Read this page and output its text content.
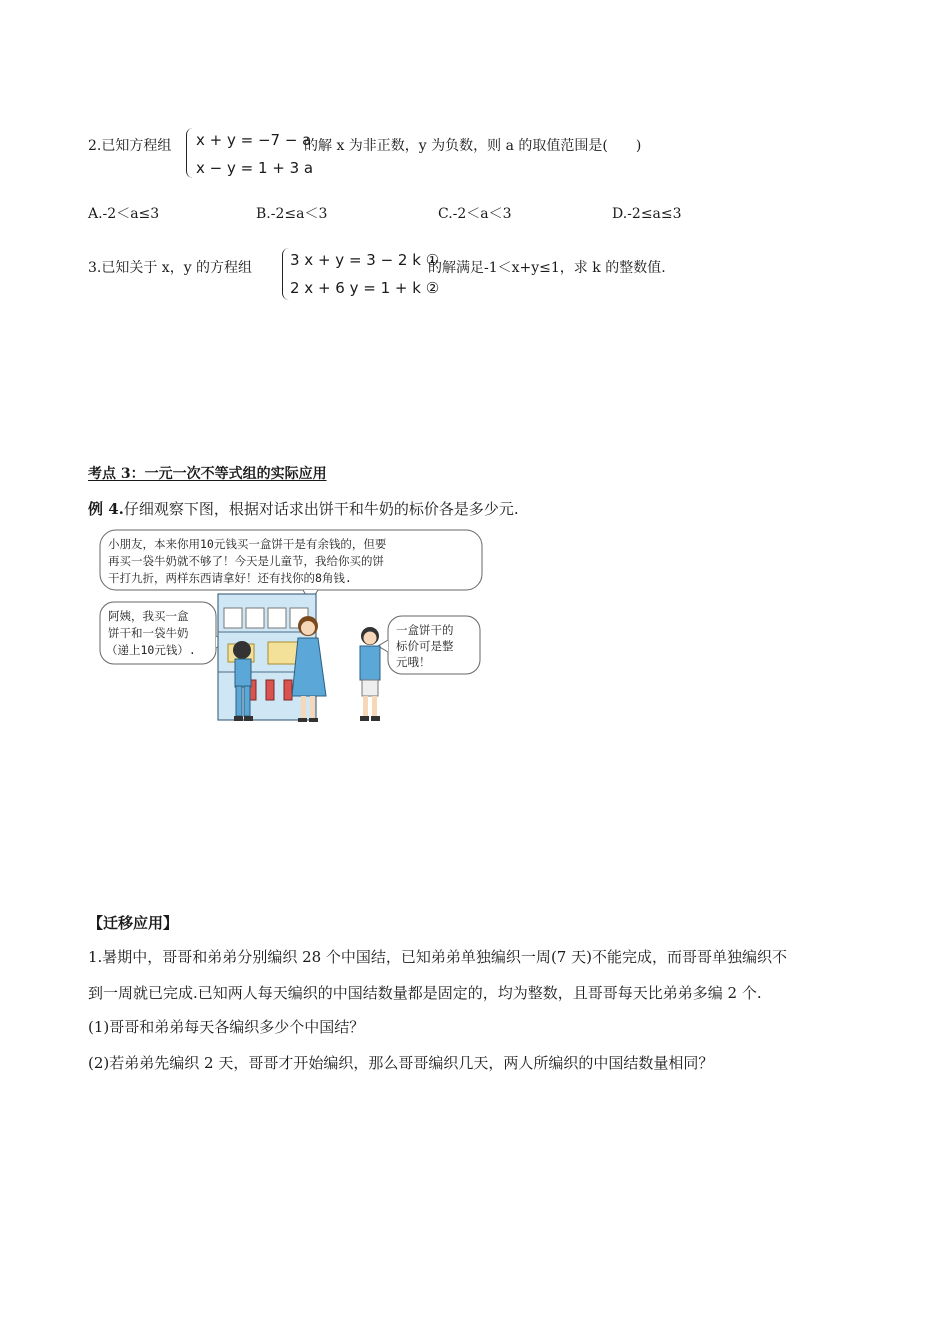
2.已知方程组 x + y = −7 − a
x − y = 1 + 3 a
的解 x 为非正数，y 为负数，则 a 的取值范围是(　　)
A.-2＜a≤3	B.-2≤a＜3	C.-2＜a＜3	D.-2≤a≤3
3.已知关于 x，y 的方程组	3 x + y = 3 − 2 k ①
2 x + 6 y = 1 + k ②
的解满足-1＜x+y≤1，求 k 的整数值.
考点 3：一元一次不等式组的实际应用
例 4.仔细观察下图，根据对话求出饼干和牛奶的标价各是多少元.
小朋友，本来你用10元钱买一盒饼干是有余钱的，但要
再买一袋牛奶就不够了！今天是儿童节，我给你买的饼
干打九折，两样东西请拿好！还有找你的8角钱.
阿姨，我买一盒
饼干和一袋牛奶
（递上10元钱）.
一盒饼干的
标价可是整
元哦！
【迁移应用】
1.暑期中，哥哥和弟弟分别编织 28 个中国结，已知弟弟单独编织一周(7 天)不能完成，而哥哥单独编织不
到一周就已完成.已知两人每天编织的中国结数量都是固定的，均为整数，且哥哥每天比弟弟多编 2 个.
(1)哥哥和弟弟每天各编织多少个中国结？
(2)若弟弟先编织 2 天，哥哥才开始编织，那么哥哥编织几天，两人所编织的中国结数量相同？
